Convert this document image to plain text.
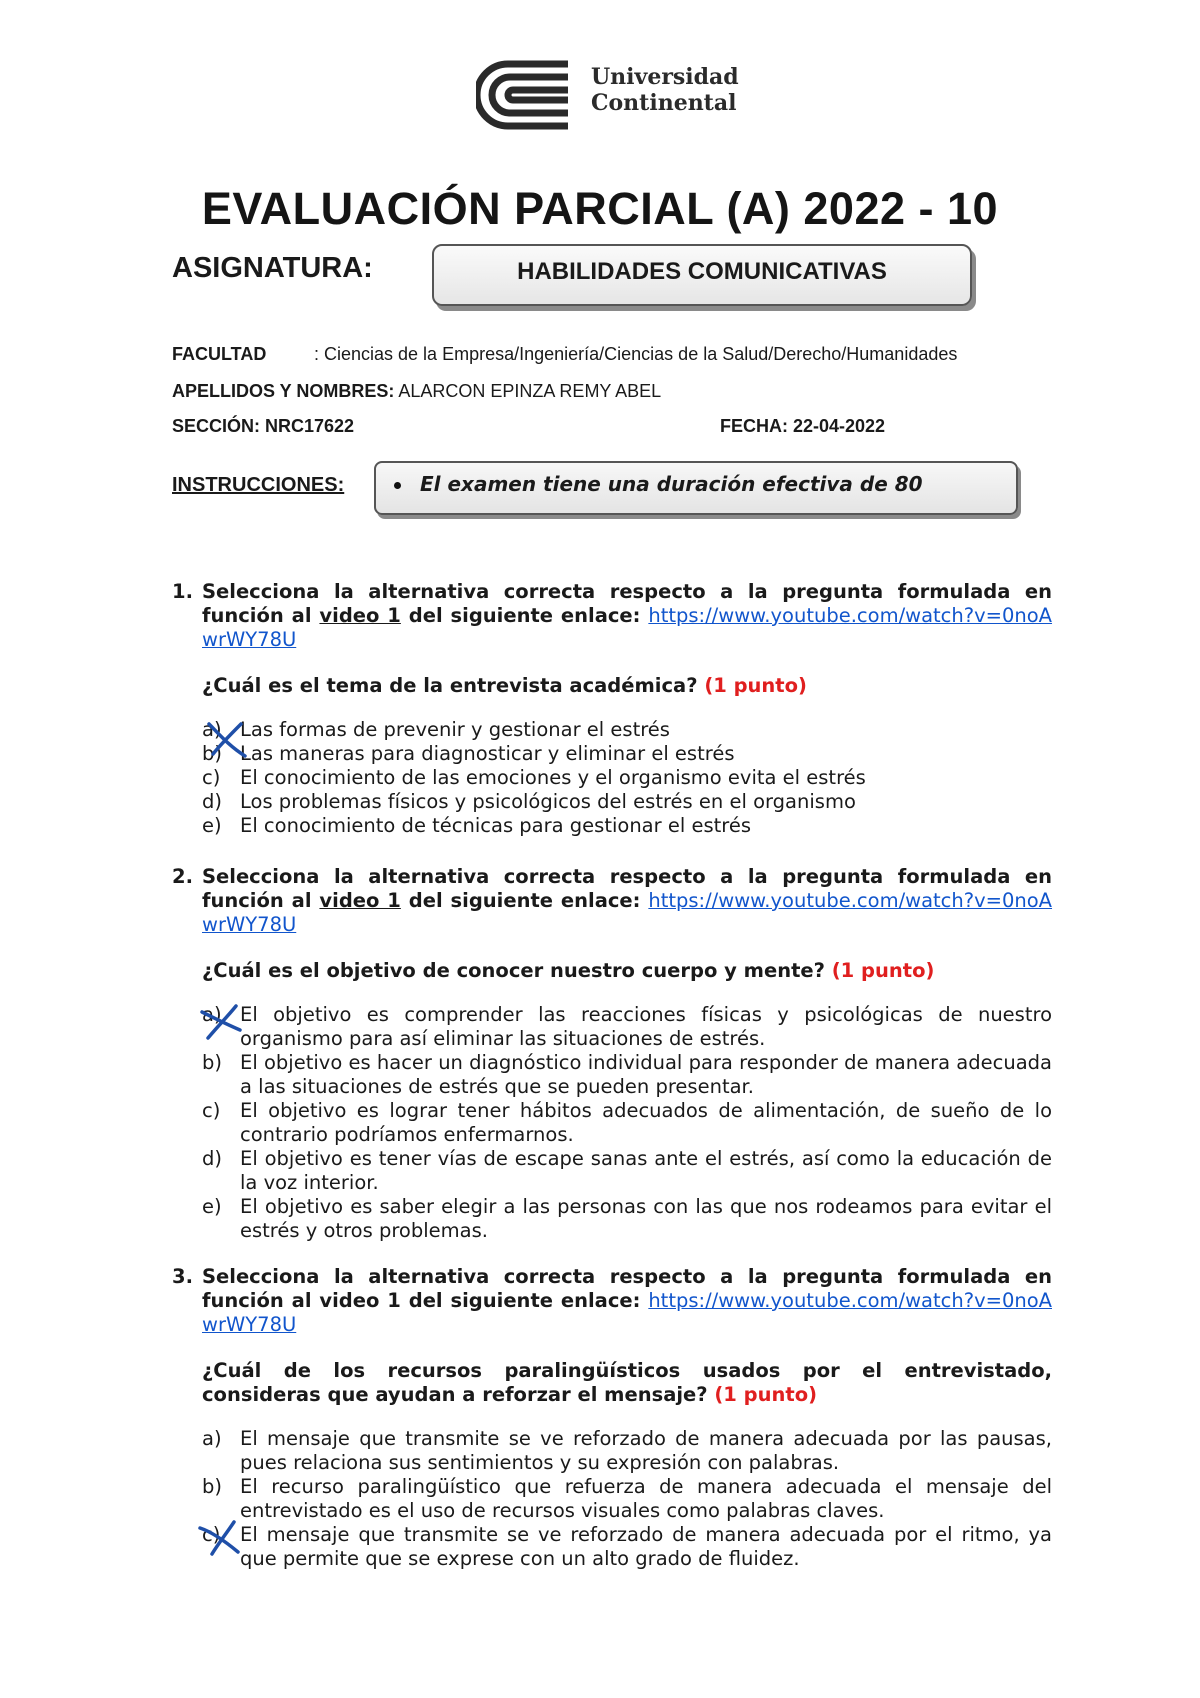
Universidad
Continental
EVALUACIÓN PARCIAL (A) 2022 - 10
ASIGNATURA:	HABILIDADES COMUNICATIVAS
FACULTAD	: Ciencias de la Empresa/Ingeniería/Ciencias de la Salud/Derecho/Humanidades
APELLIDOS Y NOMBRES: ALARCON EPINZA REMY ABEL
SECCIÓN: NRC17622	FECHA: 22-04-2022
INSTRUCCIONES:	El examen tiene una duración efectiva de 80
1. Selecciona la alternativa correcta respecto a la pregunta formulada en función al video 1 del siguiente enlace: https://www.youtube.com/watch?v=0noAwrWY78U
¿Cuál es el tema de la entrevista académica? (1 punto)
a) Las formas de prevenir y gestionar el estrés
b) Las maneras para diagnosticar y eliminar el estrés
c) El conocimiento de las emociones y el organismo evita el estrés
d) Los problemas físicos y psicológicos del estrés en el organismo
e) El conocimiento de técnicas para gestionar el estrés
2. Selecciona la alternativa correcta respecto a la pregunta formulada en función al video 1 del siguiente enlace: https://www.youtube.com/watch?v=0noAwrWY78U
¿Cuál es el objetivo de conocer nuestro cuerpo y mente? (1 punto)
a) El objetivo es comprender las reacciones físicas y psicológicas de nuestro organismo para así eliminar las situaciones de estrés.
b) El objetivo es hacer un diagnóstico individual para responder de manera adecuada a las situaciones de estrés que se pueden presentar.
c) El objetivo es lograr tener hábitos adecuados de alimentación, de sueño de lo contrario podríamos enfermarnos.
d) El objetivo es tener vías de escape sanas ante el estrés, así como la educación de la voz interior.
e) El objetivo es saber elegir a las personas con las que nos rodeamos para evitar el estrés y otros problemas.
3. Selecciona la alternativa correcta respecto a la pregunta formulada en función al video 1 del siguiente enlace: https://www.youtube.com/watch?v=0noAwrWY78U
¿Cuál de los recursos paralingüísticos usados por el entrevistado, consideras que ayudan a reforzar el mensaje? (1 punto)
a) El mensaje que transmite se ve reforzado de manera adecuada por las pausas, pues relaciona sus sentimientos y su expresión con palabras.
b) El recurso paralingüístico que refuerza de manera adecuada el mensaje del entrevistado es el uso de recursos visuales como palabras claves.
c) El mensaje que transmite se ve reforzado de manera adecuada por el ritmo, ya que permite que se exprese con un alto grado de fluidez.
